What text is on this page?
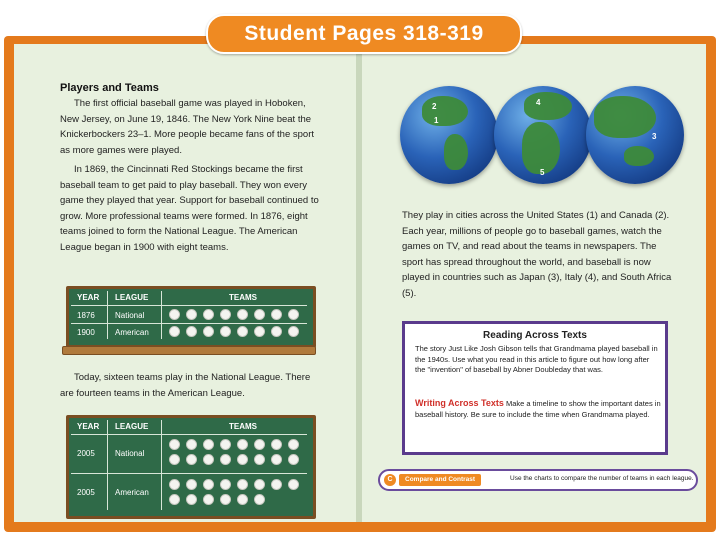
Student Pages 318-319
Players and Teams
The first official baseball game was played in Hoboken, New Jersey, on June 19, 1846. The New York Nine beat the Knickerbockers 23–1. More people became fans of the sport as more games were played.
In 1869, the Cincinnati Red Stockings became the first baseball team to get paid to play baseball. They won every game they played that year. Support for baseball continued to grow. More professional teams were formed. In 1876, eight teams joined to form the National League. The American League began in 1900 with eight teams.
YEAR LEAGUE	TEAMS
1876	National
1900	American
Today, sixteen teams play in the National League. There are fourteen teams in the American League.
YEAR LEAGUE	TEAMS
2005	National
2005	American
1
2	4
5
3
They play in cities across the United States (1) and Canada (2). Each year, millions of people go to baseball games, watch the games on TV, and read about the teams in newspapers. The sport has spread throughout the world, and baseball is now played in countries such as Japan (3), Italy (4), and South Africa (5).
Reading Across Texts
The story Just Like Josh Gibson tells that Grandmama played baseball in the 1940s. Use what you read in this article to figure out how long after the "invention" of baseball by Abner Doubleday that was.
Writing Across Texts Make a timeline to show the important dates in baseball history. Be sure to include the time when Grandmama played.
C	Compare and Contrast	Use the charts to compare the number of teams in each league.
